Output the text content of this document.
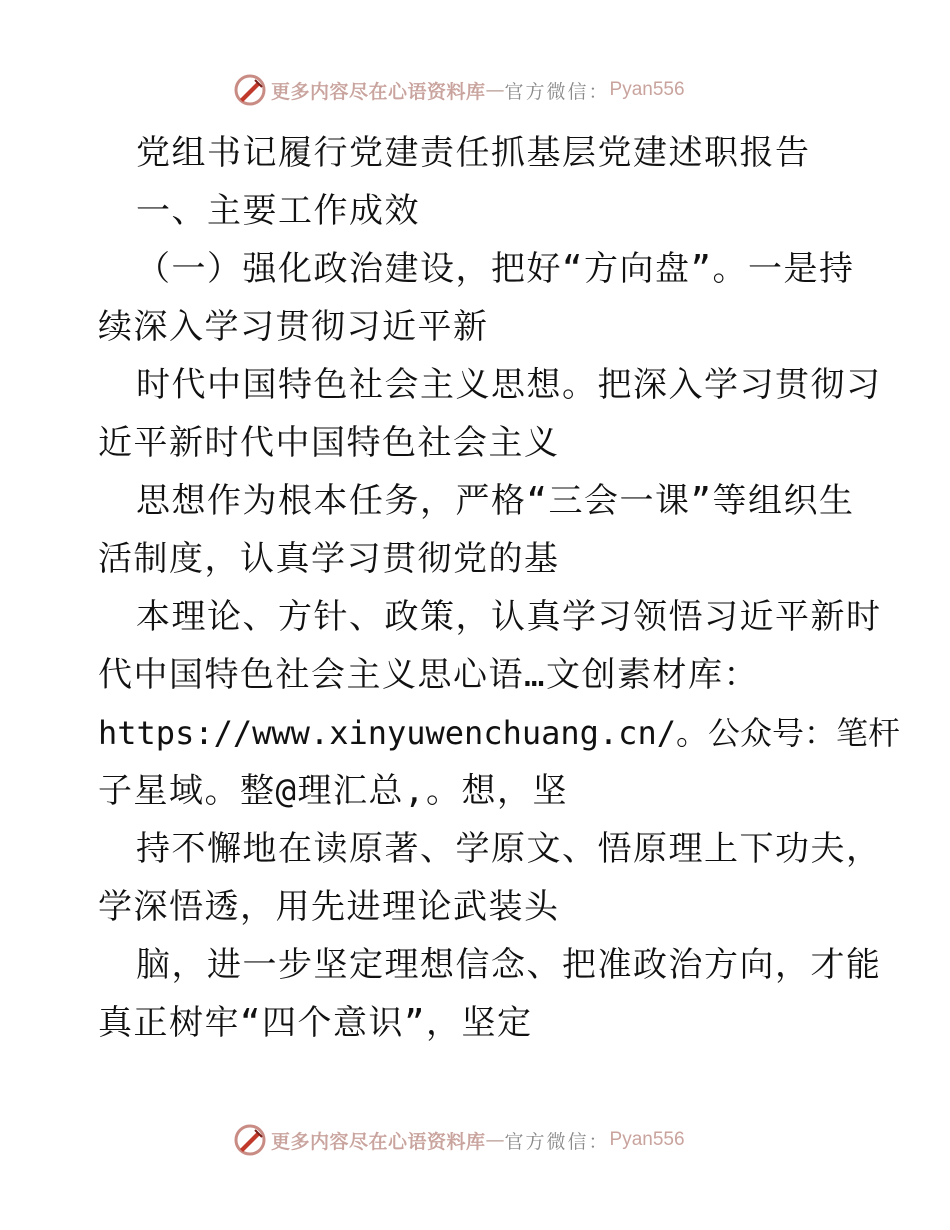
更多内容尽在心语资料库 — 官方微信： Pyan556
党组书记履行党建责任抓基层党建述职报告
一、主要工作成效
（一）强化政治建设，把好“方向盘”。一是持
续深入学习贯彻习近平新
时代中国特色社会主义思想。把深入学习贯彻习
近平新时代中国特色社会主义
思想作为根本任务，严格“三会一课”等组织生
活制度，认真学习贯彻党的基
本理论、方针、政策，认真学习领悟习近平新时
代中国特色社会主义思心语…文创素材库：
https://www.xinyuwenchuang.cn/。公众号：笔杆
子星域。整@理汇总,。想，坚
持不懈地在读原著、学原文、悟原理上下功夫，
学深悟透，用先进理论武装头
脑，进一步坚定理想信念、把准政治方向，才能
真正树牢“四个意识”，坚定
更多内容尽在心语资料库 — 官方微信： Pyan556
